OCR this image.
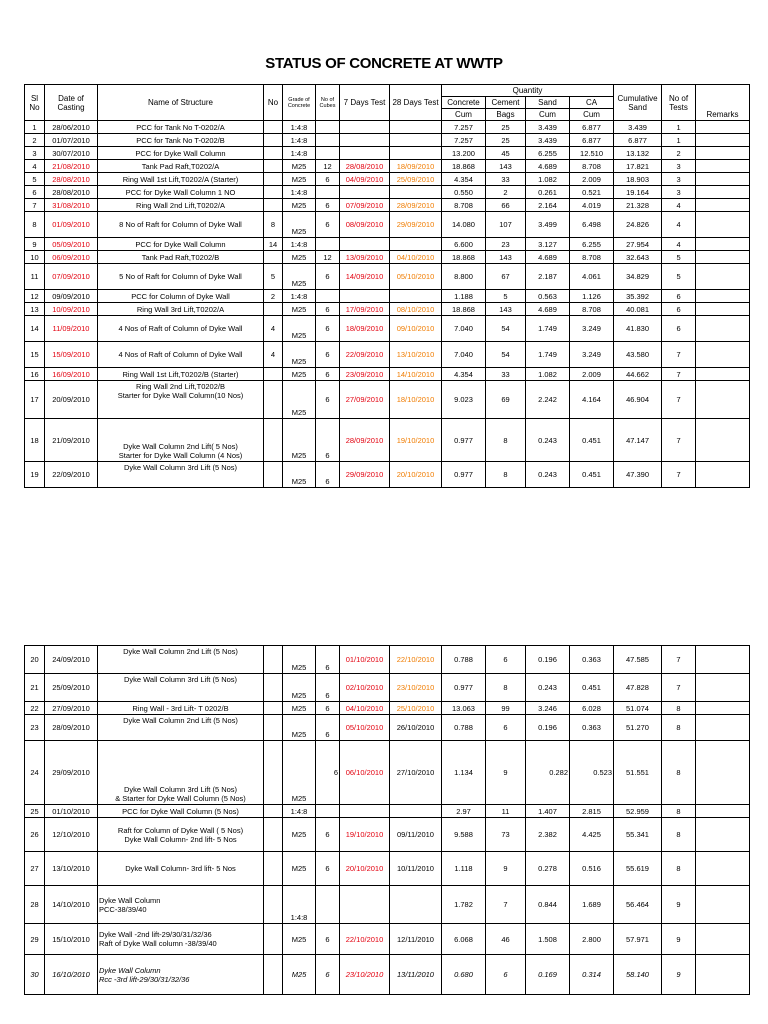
STATUS OF CONCRETE AT WWTP
Sl No	Date of Casting	Name of Structure	No	Grade of Concrete	No of Cubes	7 Days Test	28 Days Test	Quantity				Cumulative Sand	No of Tests	Remarks
								Concrete	Cement	Sand	CA			
								Cum	Bags	Cum	Cum			
1	28/06/2010	PCC for Tank No T-0202/A		1:4:8				7.257	25	3.439	6.877	3.439	1	
2	01/07/2010	PCC for Tank No T-0202/B		1:4:8				7.257	25	3.439	6.877	6.877	1	
3	30/07/2010	PCC for Dyke Wall Column		1:4:8				13.200	45	6.255	12.510	13.132	2	
4	21/08/2010	Tank Pad Raft,T0202/A		M25	12	28/08/2010	18/09/2010	18.868	143	4.689	8.708	17.821	3	
5	28/08/2010	Ring Wall 1st Lift,T0202/A (Starter)		M25	6	04/09/2010	25/09/2010	4.354	33	1.082	2.009	18.903	3	
6	28/08/2010	PCC for Dyke Wall Column 1 NO		1:4:8				0.550	2	0.261	0.521	19.164	3	
7	31/08/2010	Ring Wall 2nd Lift,T0202/A		M25	6	07/09/2010	28/09/2010	8.708	66	2.164	4.019	21.328	4	
8	01/09/2010	8 No of Raft for Column of Dyke Wall	8	M25	6	08/09/2010	29/09/2010	14.080	107	3.499	6.498	24.826	4	
9	05/09/2010	PCC for Dyke Wall Column	14	1:4:8				6.600	23	3.127	6.255	27.954	4	
10	06/09/2010	Tank Pad Raft,T0202/B		M25	12	13/09/2010	04/10/2010	18.868	143	4.689	8.708	32.643	5	
11	07/09/2010	5 No of Raft for Column of Dyke Wall	5	M25	6	14/09/2010	05/10/2010	8.800	67	2.187	4.061	34.829	5	
12	09/09/2010	PCC for Column of Dyke Wall	2	1:4:8				1.188	5	0.563	1.126	35.392	6	
13	10/09/2010	Ring Wall 3rd Lift,T0202/A		M25	6	17/09/2010	08/10/2010	18.868	143	4.689	8.708	40.081	6	
14	11/09/2010	4 Nos of Raft of Column of Dyke Wall	4	M25	6	18/09/2010	09/10/2010	7.040	54	1.749	3.249	41.830	6	
15	15/09/2010	4 Nos of Raft of Column of Dyke Wall	4	M25	6	22/09/2010	13/10/2010	7.040	54	1.749	3.249	43.580	7	
16	16/09/2010	Ring Wall 1st Lift,T0202/B (Starter)		M25	6	23/09/2010	14/10/2010	4.354	33	1.082	2.009	44.662	7	
17	20/09/2010	Ring Wall 2nd Lift,T0202/B
Starter for Dyke Wall Column(10 Nos)		M25	6	27/09/2010	18/10/2010	9.023	69	2.242	4.164	46.904	7	
18	21/09/2010	Dyke Wall Column 2nd Lift( 5 Nos)
Starter for Dyke Wall Column (4 Nos)		M25	6	28/09/2010	19/10/2010	0.977	8	0.243	0.451	47.147	7	
19	22/09/2010	Dyke Wall Column 3rd Lift (5 Nos)		M25	6	29/09/2010	20/10/2010	0.977	8	0.243	0.451	47.390	7	
20	24/09/2010	Dyke Wall Column 2nd Lift (5 Nos)		M25	6	01/10/2010	22/10/2010	0.788	6	0.196	0.363	47.585	7	
21	25/09/2010	Dyke Wall Column 3rd Lift (5 Nos)		M25	6	02/10/2010	23/10/2010	0.977	8	0.243	0.451	47.828	7	
22	27/09/2010	Ring Wall - 3rd Lift- T 0202/B		M25	6	04/10/2010	25/10/2010	13.063	99	3.246	6.028	51.074	8	
23	28/09/2010	Dyke Wall Column 2nd Lift (5 Nos)		M25	6	05/10/2010	26/10/2010	0.788	6	0.196	0.363	51.270	8	
24	29/09/2010	Dyke Wall Column 3rd Lift (5 Nos)
& Starter for Dyke Wall Column (5 Nos)		M25	6	06/10/2010	27/10/2010	1.134	9	0.282	0.523	51.551	8	
25	01/10/2010	PCC for Dyke Wall Column (5 Nos)		1:4:8				2.97	11	1.407	2.815	52.959	8	
26	12/10/2010	Raft for Column of Dyke Wall ( 5 Nos)
Dyke Wall Column- 2nd lift- 5 Nos		M25	6	19/10/2010	09/11/2010	9.588	73	2.382	4.425	55.341	8	
27	13/10/2010	Dyke Wall Column- 3rd lift- 5 Nos		M25	6	20/10/2010	10/11/2010	1.118	9	0.278	0.516	55.619	8	
28	14/10/2010	Dyke Wall Column
PCC-38/39/40		1:4:8				1.782	7	0.844	1.689	56.464	9	
29	15/10/2010	Dyke Wall -2nd lift-29/30/31/32/36
Raft of Dyke Wall column -38/39/40		M25	6	22/10/2010	12/11/2010	6.068	46	1.508	2.800	57.971	9	
30	16/10/2010	Dyke Wall Column
Rcc -3rd lift-29/30/31/32/36		M25	6	23/10/2010	13/11/2010	0.680	6	0.169	0.314	58.140	9	
